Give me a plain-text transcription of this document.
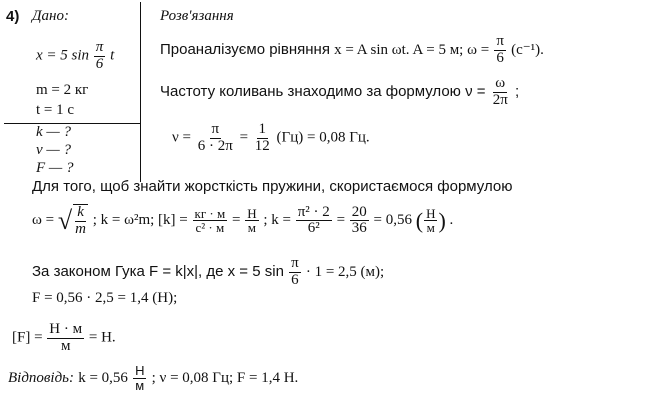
4) Дано:
x = 5 $\sin \frac{\pi}{6}$ t
m = 2 кг
t = 1 с
k — ?
ν — ?
F — ?
Розв'язання
Проаналізуємо рівняння x = A sin ωt. A = 5 м; $\omega = \frac{\pi}{6} (c^{-1})$.
Частоту коливань знаходимо за формулою $\nu = \frac{\omega}{2\pi}$ ;
$\nu = \frac{\pi}{6 \cdot 2\pi} = \frac{1}{12} (Гц) = 0,08$ Гц.
Для того, щоб знайти жорсткість пружини, скористаємося формулою
ω = √ $\frac{k}{m}$ ; k = ω²m; $[k] = \frac{кг \cdot м}{\text{c² · м}} = \frac{Н}{м}$ ; $k = \frac{\text{π² · 2}}{\text{6²}} = \frac{20}{36} = 0,56$ ( $\frac{Н}{м}$ ) .
За законом Гука F = k|x|, де x = 5 $\sin \frac{\pi}{6} \cdot 1 = 2,5$ (м);
F = 0,56 · 2,5 = 1,4 (Н);
$[F] = \frac{Н \cdot м}{м} = Н$.
Відповідь: $k = 0,56 \frac{Н}{м}$ ; ν = 0,08 Гц; F = 1,4 Н.
